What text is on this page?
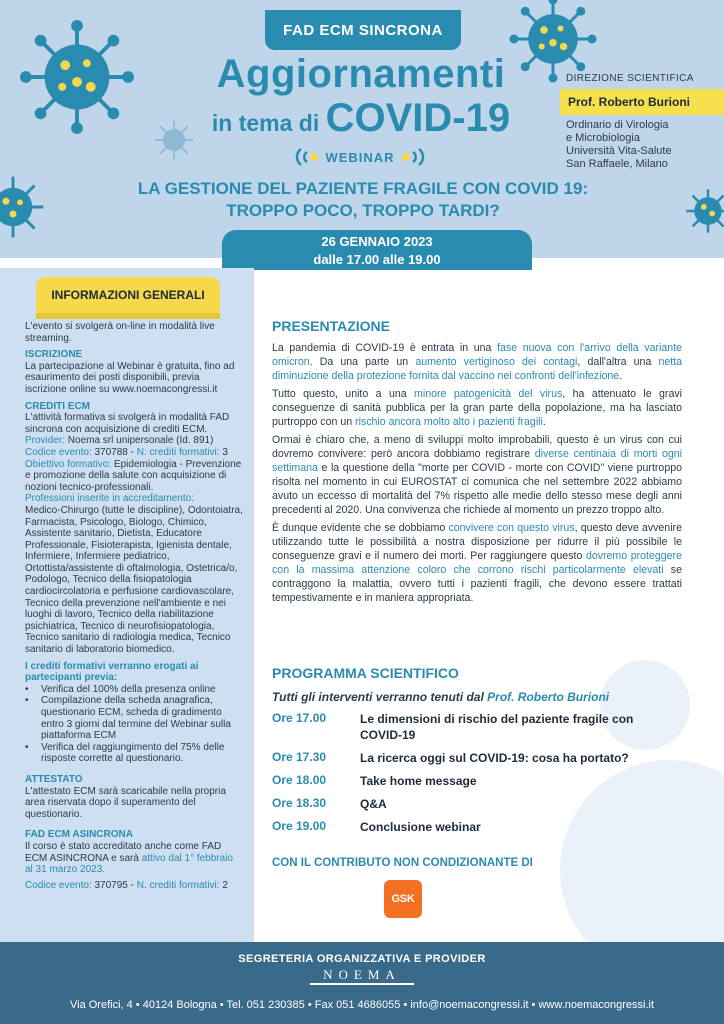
FAD ECM SINCRONA
Aggiornamenti
in tema di COVID-19
WEBINAR
LA GESTIONE DEL PAZIENTE FRAGILE CON COVID 19:
TROPPO POCO, TROPPO TARDI?
DIREZIONE SCIENTIFICA
Prof. Roberto Burioni
Ordinario di Virologia
e Microbiologia
Università Vita-Salute
San Raffaele, Milano
26 GENNAIO 2023
dalle 17.00 alle 19.00
INFORMAZIONI GENERALI

L'evento si svolgerà on-line in modalità live streaming.

ISCRIZIONE

La partecipazione al Webinar è gratuita, fino ad esaurimento dei posti disponibili, previa iscrizione online su www.noemacongressi.it

CREDITI ECM

L'attività formativa si svolgerà in modalità FAD sincrona con acquisizione di crediti ECM.

Provider: Noema srl unipersonale (Id. 891)

Codice evento: 370788 - N. crediti formativi: 3

Obiettivo formativo: Epidemiologia - Prevenzione e promozione della salute con acquisizione di nozioni tecnico-professionali.

Professioni inserite in accreditamento:

Medico-Chirurgo (tutte le discipline), Odontoiatra, Farmacista, Psicologo, Biologo, Chimico, Assistente sanitario, Dietista, Educatore Professionale, Fisioterapista, Igienista dentale, Infermiere, Infermiere pediatrico, Ortottista/assistente di oftalmologia, Ostetrica/o, Podologo, Tecnico della fisiopatologia cardiocircolatoria e perfusione cardiovascolare, Tecnico della prevenzione nell'ambiente e nei luoghi di lavoro, Tecnico della riabilitazione psichiatrica, Tecnico di neurofisiopatologia, Tecnico sanitario di radiologia medica, Tecnico sanitario di laboratorio biomedico.

I crediti formativi verranno erogati ai partecipanti previa:

• Verifica del 100% della presenza online

• Compilazione della scheda anagrafica, questionario ECM, scheda di gradimento entro 3 giorni dal termine del Webinar sulla piattaforma ECM

• Verifica del raggiungimento del 75% delle risposte corrette al questionario.

ATTESTATO

L'attestato ECM sarà scaricabile nella propria area riservata dopo il superamento del questionario.

FAD ECM ASINCRONA

Il corso è stato accreditato anche come FAD ECM ASINCRONA e sarà attivo dal 1° febbraio al 31 marzo 2023.

Codice evento: 370795 - N. crediti formativi: 2

PRESENTAZIONE

La pandemia di COVID-19 è entrata in una fase nuova con l'arrivo della variante omicron. Da una parte un aumento vertiginoso dei contagi, dall'altra una netta diminuzione della protezione fornita dal vaccino nei confronti dell'infezione.

Tutto questo, unito a una minore patogenicità del virus, ha attenuato le gravi conseguenze di sanità pubblica per la gran parte della popolazione, ma ha lasciato purtroppo con un rischio ancora molto alto i pazienti fragili.

Ormai è chiaro che, a meno di sviluppi molto improbabili, questo è un virus con cui dovremo convivere: però ancora dobbiamo registrare diverse centinaia di morti ogni settimana e la questione della "morte per COVID - morte con COVID" viene purtroppo risolta nel momento in cui EUROSTAT ci comunica che nel settembre 2022 abbiamo avuto un eccesso di mortalità del 7% rispetto alle medie dello stesso mese degli anni precedenti al 2020. Una convivenza che richiede al momento un prezzo troppo alto.

È dunque evidente che se dobbiamo convivere con questo virus, questo deve avvenire utilizzando tutte le possibilità a nostra disposizione per ridurre il più possibile le conseguenze gravi e il numero dei morti. Per raggiungere questo dovremo proteggere con la massima attenzione coloro che corrono rischi particolarmente elevati se contraggono la malattia, ovvero tutti i pazienti fragili, che devono essere trattati tempestivamente e in maniera appropriata.

PROGRAMMA SCIENTIFICO
Tutti gli interventi verranno tenuti dal Prof. Roberto Burioni
Ore 17.00	Le dimensioni di rischio del paziente fragile con COVID-19
Ore 17.30	La ricerca oggi sul COVID-19: cosa ha portato?
Ore 18.00	Take home message
Ore 18.30	Q&A
Ore 19.00	Conclusione webinar
CON IL CONTRIBUTO NON CONDIZIONANTE DI
GSK
SEGRETERIA ORGANIZZATIVA E PROVIDER
NOEMA
Via Orefici, 4 • 40124 Bologna • Tel. 051 230385 • Fax 051 4686055 • info@noemacongressi.it • www.noemacongressi.it
